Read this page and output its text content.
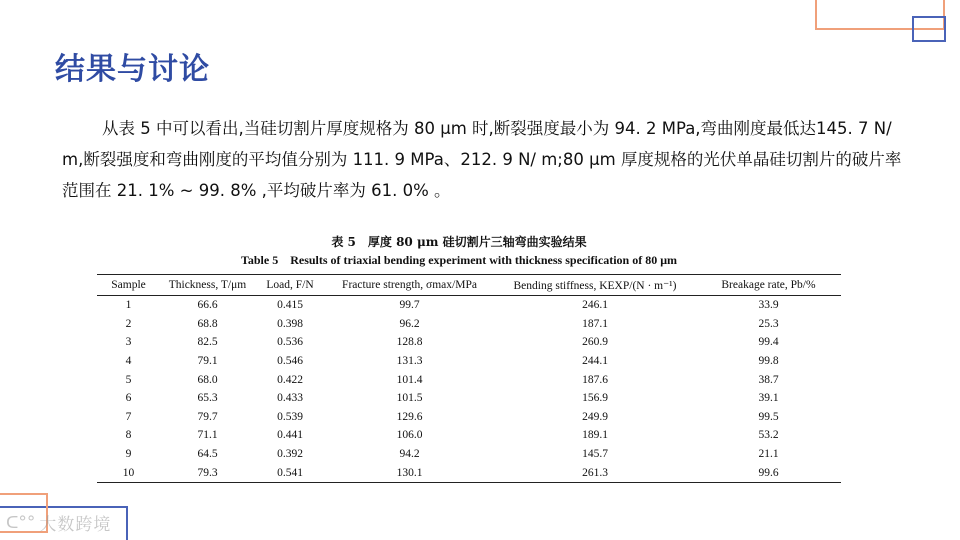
结果与讨论

从表 5 中可以看出,当硅切割片厚度规格为 80 μm 时,断裂强度最小为 94. 2 MPa,弯曲刚度最低达145. 7 N/ m,断裂强度和弯曲刚度的平均值分别为 111. 9 MPa、212. 9 N/ m;80 μm 厚度规格的光伏单晶硅切割片的破片率范围在 21. 1% ~ 99. 8% ,平均破片率为 61. 0% 。

表 5　厚度 80 μm 硅切割片三轴弯曲实验结果
Table 5　Results of triaxial bending experiment with thickness specification of 80 μm
Sample	Thickness, T/μm	Load, F/N	Fracture strength, σmax/MPa	Bending stiffness, KEXP/(N · m⁻¹)	Breakage rate, Pb/%
1	66.6	0.415	99.7	246.1	33.9
2	68.8	0.398	96.2	187.1	25.3
3	82.5	0.536	128.8	260.9	99.4
4	79.1	0.546	131.3	244.1	99.8
5	68.0	0.422	101.4	187.6	38.7
6	65.3	0.433	101.5	156.9	39.1
7	79.7	0.539	129.6	249.9	99.5
8	71.1	0.441	106.0	189.1	53.2
9	64.5	0.392	94.2	145.7	21.1
10	79.3	0.541	130.1	261.3	99.6
ᑕ°° 大数跨境
